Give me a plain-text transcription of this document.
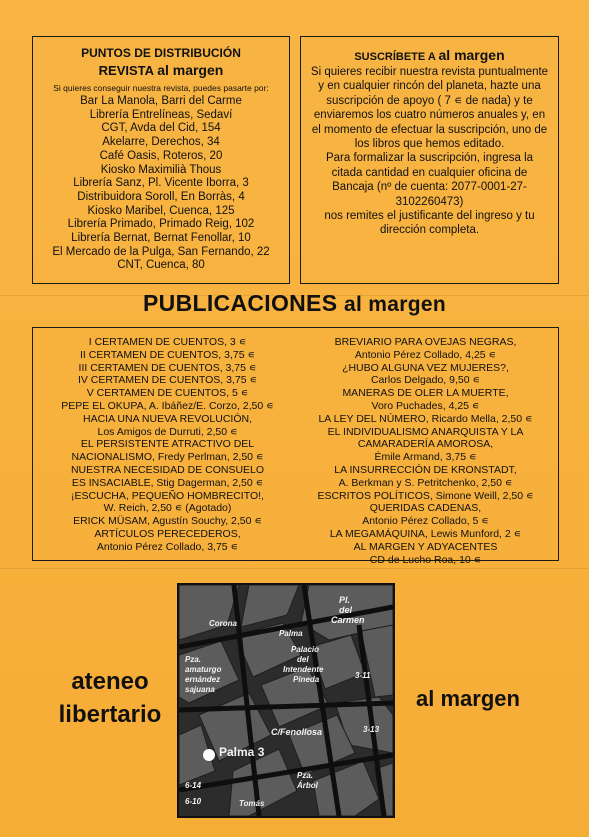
PUNTOS DE DISTRIBUCIÓN
REVISTA al margen
Si quieres conseguir nuestra revista, puedes pasarte por:
Bar La Manola, Barri del Carme
Librería Entrelíneas, Sedaví
CGT, Avda del Cid, 154
Akelarre, Derechos, 34
Café Oasis, Roteros, 20
Kiosko Maximilià Thous
Librería Sanz, Pl. Vicente Iborra, 3
Distribuidora Soroll, En Borràs, 4
Kiosko Maribel, Cuenca, 125
Librería Primado, Primado Reig, 102
Librería Bernat, Bernat Fenollar, 10
El Mercado de la Pulga, San Fernando, 22
CNT, Cuenca, 80
SUSCRÍBETE A al margen
Si quieres recibir nuestra revista puntualmente
y en cualquier rincón del planeta, hazte una
suscripción de apoyo ( 7 ∊ de nada) y te
enviaremos los cuatro números anuales y, en
el momento de efectuar la suscripción, uno de
los libros que hemos editado.
Para formalizar la suscripción, ingresa la
citada cantidad en cualquier oficina de
Bancaja (nº de cuenta: 2077-0001-27-
3102260473)
nos remites el justificante del ingreso y tu
dirección completa.
PUBLICACIONES al margen
I CERTAMEN DE CUENTOS, 3 ∊
II CERTAMEN DE CUENTOS, 3,75 ∊
III CERTAMEN DE CUENTOS, 3,75 ∊
IV CERTAMEN DE CUENTOS, 3,75 ∊
V CERTAMEN DE CUENTOS, 5 ∊
PEPE EL OKUPA, A. Ibáñez/E. Corzo, 2,50 ∊
HACIA UNA NUEVA REVOLUCIÓN,
Los Amigos de Durruti, 2,50 ∊
EL PERSISTENTE ATRACTIVO DEL
NACIONALISMO, Fredy Perlman, 2,50 ∊
NUESTRA NECESIDAD DE CONSUELO
ES INSACIABLE, Stig Dagerman, 2,50 ∊
¡ESCUCHA, PEQUEÑO HOMBRECITO!,
W. Reich, 2,50 ∊ (Agotado)
ERICK MÜSAM, Agustín Souchy, 2,50 ∊
ARTÍCULOS PERECEDEROS,
Antonio Pérez Collado, 3,75 ∊
BREVIARIO PARA OVEJAS NEGRAS,
Antonio Pérez Collado, 4,25 ∊
¿HUBO ALGUNA VEZ MUJERES?,
Carlos Delgado, 9,50 ∊
MANERAS DE OLER LA MUERTE,
Voro Puchades, 4,25 ∊
LA LEY DEL NÚMERO, Ricardo Mella, 2,50 ∊
EL INDIVIDUALISMO ANARQUISTA Y LA
CAMARADERÍA AMOROSA,
Émile Armand, 3,75 ∊
LA INSURRECCIÓN DE KRONSTADT,
A. Berkman y S. Petritchenko, 2,50 ∊
ESCRITOS POLÍTICOS, Simone Weill, 2,50 ∊
QUERIDAS CADENAS,
Antonio Pérez Collado, 5 ∊
LA MEGAMÁQUINA, Lewis Munford, 2 ∊
AL MARGEN Y ADYACENTES
CD de Lucho Roa, 10 ∊
ateneo
libertario
al margen
Pl.
del
Carmen
Palacio
del
Intendente
Pineda
Pza.
amaturgo
ernández
sajuana
C/Fenollosa
Palma 3
Pza.
Árbol
Tomás
Palma
Corona
6-14
6-10
3-11
3-13
